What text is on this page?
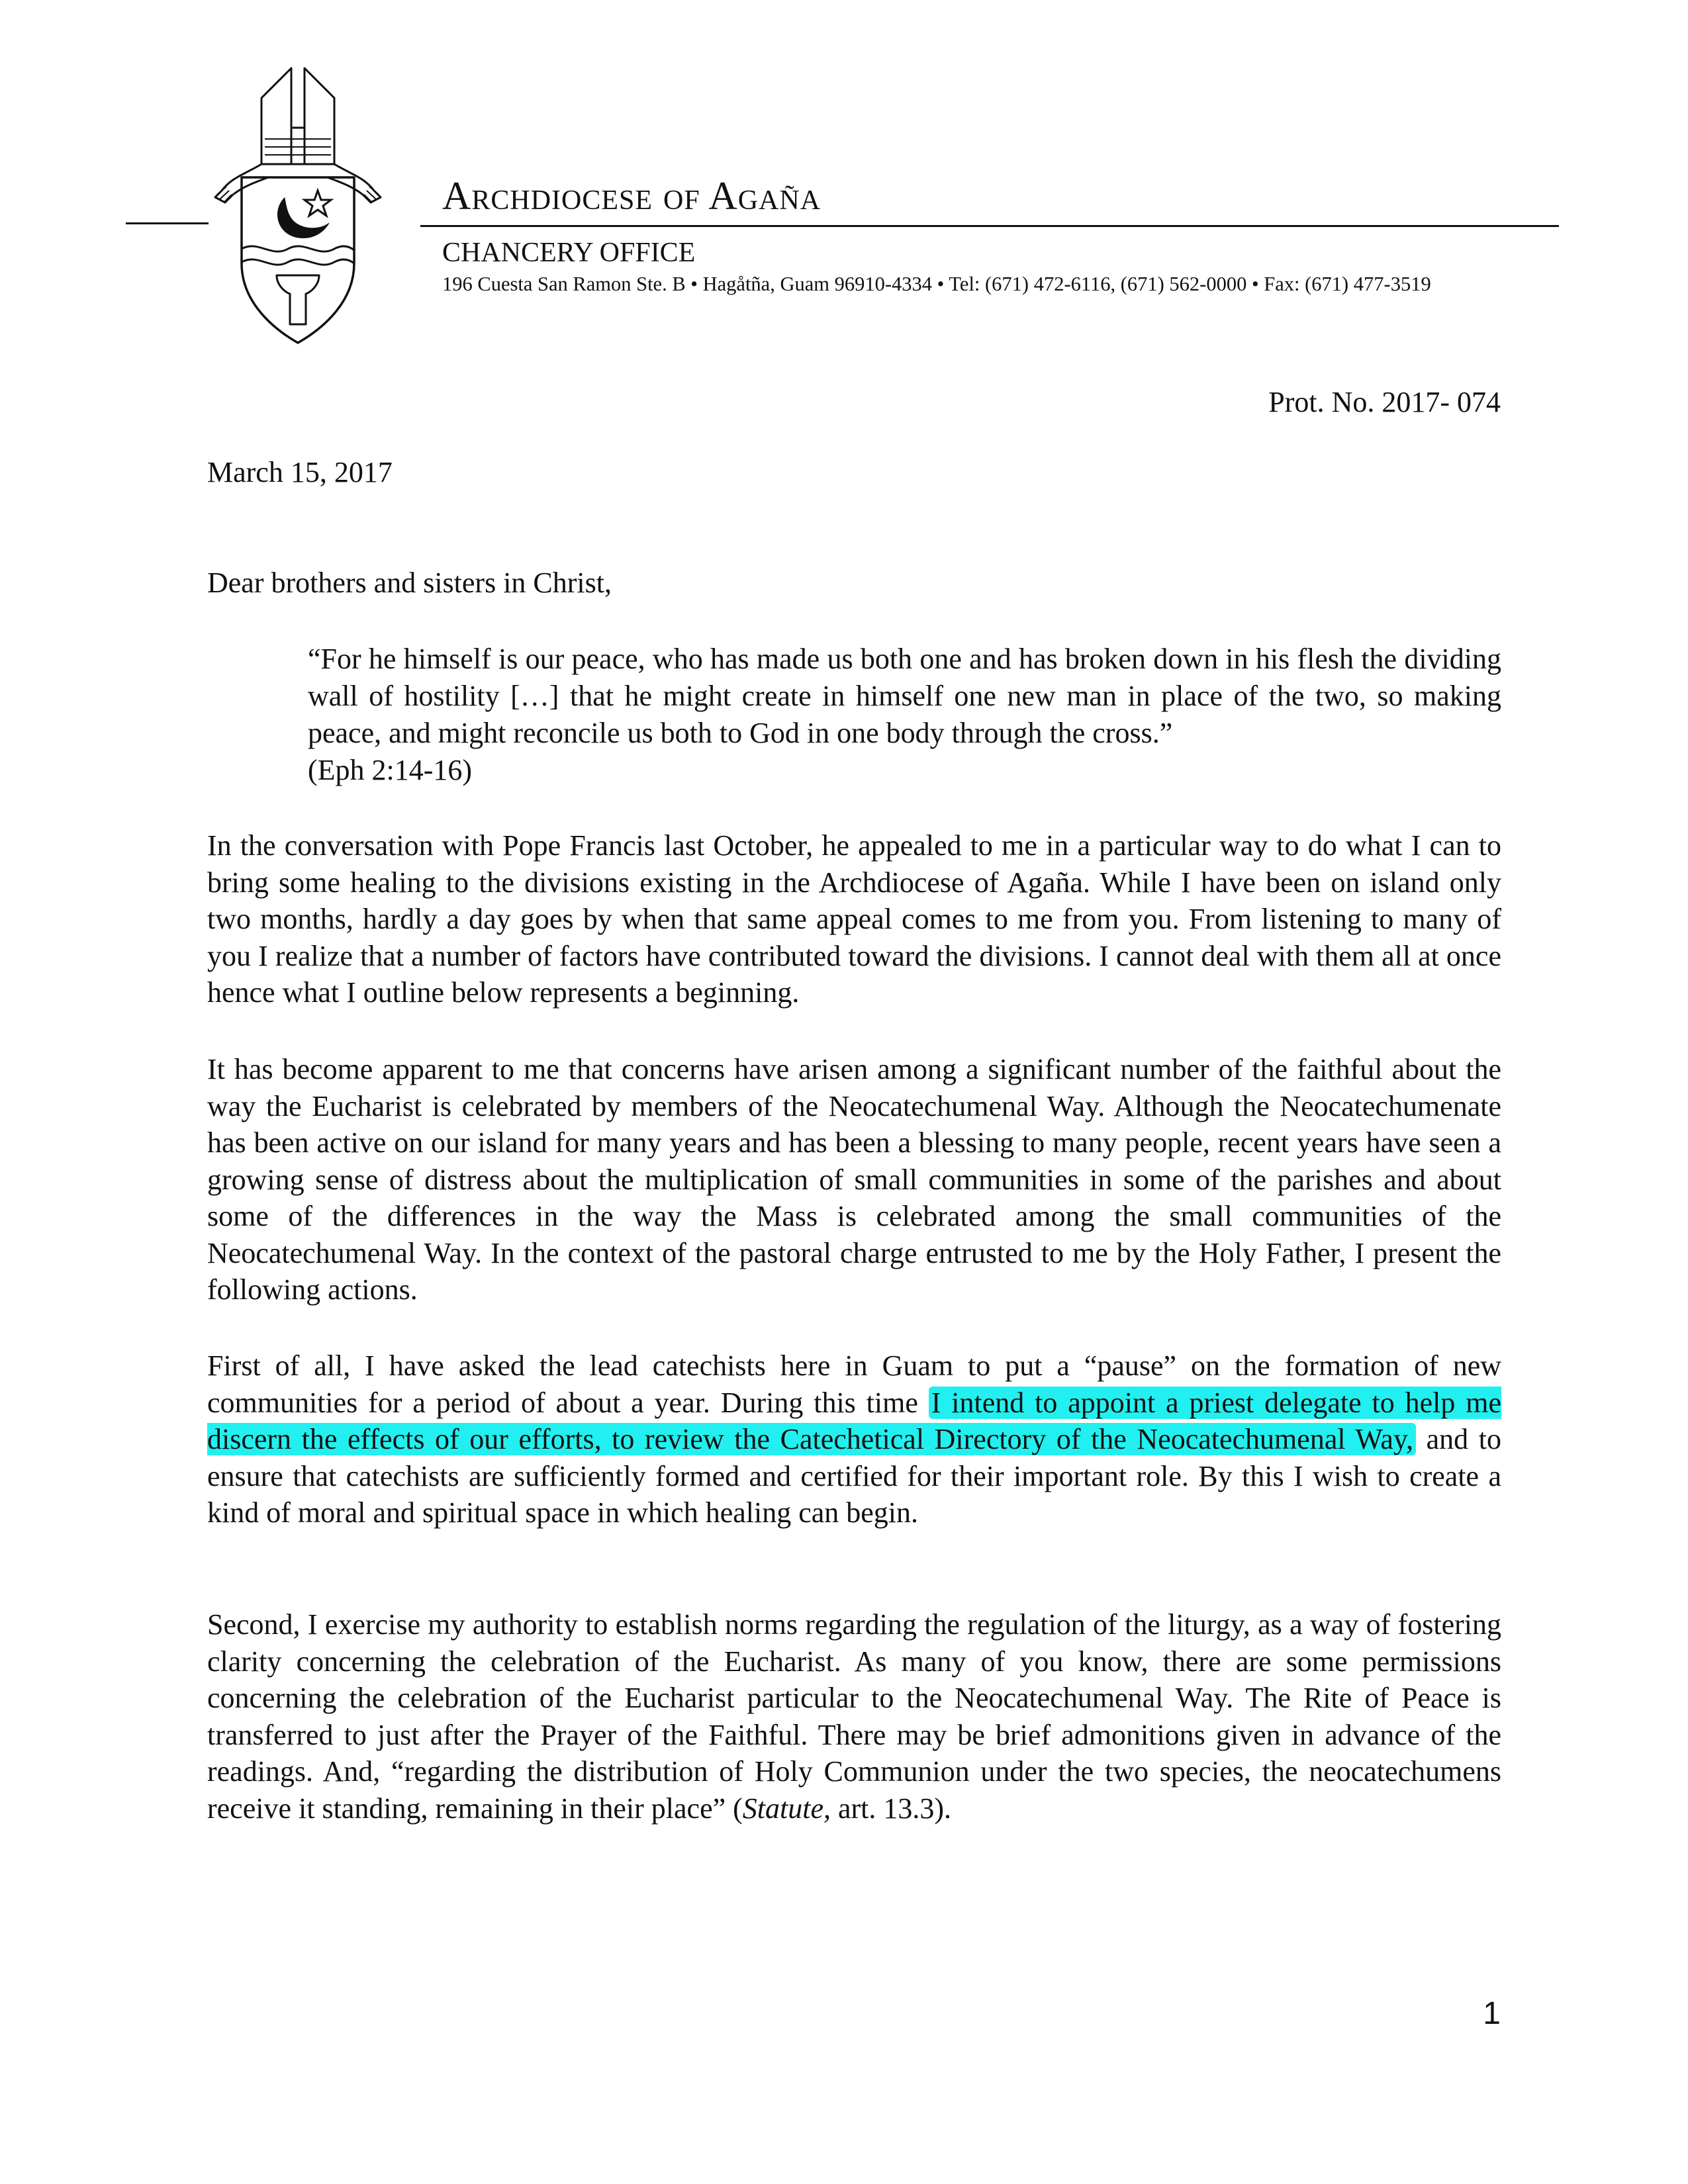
Archdiocese of Agaña
CHANCERY OFFICE
196 Cuesta San Ramon Ste. B • Hagåtña, Guam 96910-4334 • Tel: (671) 472-6116, (671) 562-0000 • Fax: (671) 477-3519
Prot. No. 2017- 074
March 15, 2017
Dear brothers and sisters in Christ,
“For he himself is our peace, who has made us both one and has broken down in his flesh the dividing wall of hostility […] that he might create in himself one new man in place of the two, so making peace, and might reconcile us both to God in one body through the cross.”
(Eph 2:14-16)
In the conversation with Pope Francis last October, he appealed to me in a particular way to do what I can to bring some healing to the divisions existing in the Archdiocese of Agaña. While I have been on island only two months, hardly a day goes by when that same appeal comes to me from you. From listening to many of you I realize that a number of factors have contributed toward the divisions. I cannot deal with them all at once hence what I outline below represents a beginning.
It has become apparent to me that concerns have arisen among a significant number of the faithful about the way the Eucharist is celebrated by members of the Neocatechumenal Way. Although the Neocatechumenate has been active on our island for many years and has been a blessing to many people, recent years have seen a growing sense of distress about the multiplication of small communities in some of the parishes and about some of the differences in the way the Mass is celebrated among the small communities of the Neocatechumenal Way. In the context of the pastoral charge entrusted to me by the Holy Father, I present the following actions.
First of all, I have asked the lead catechists here in Guam to put a “pause” on the formation of new communities for a period of about a year. During this time I intend to appoint a priest delegate to help me discern the effects of our efforts, to review the Catechetical Directory of the Neocatechumenal Way, and to ensure that catechists are sufficiently formed and certified for their important role. By this I wish to create a kind of moral and spiritual space in which healing can begin.
Second, I exercise my authority to establish norms regarding the regulation of the liturgy, as a way of fostering clarity concerning the celebration of the Eucharist. As many of you know, there are some permissions concerning the celebration of the Eucharist particular to the Neocatechumenal Way. The Rite of Peace is transferred to just after the Prayer of the Faithful. There may be brief admonitions given in advance of the readings. And, “regarding the distribution of Holy Communion under the two species, the neocatechumens receive it standing, remaining in their place” (Statute, art. 13.3).
1
